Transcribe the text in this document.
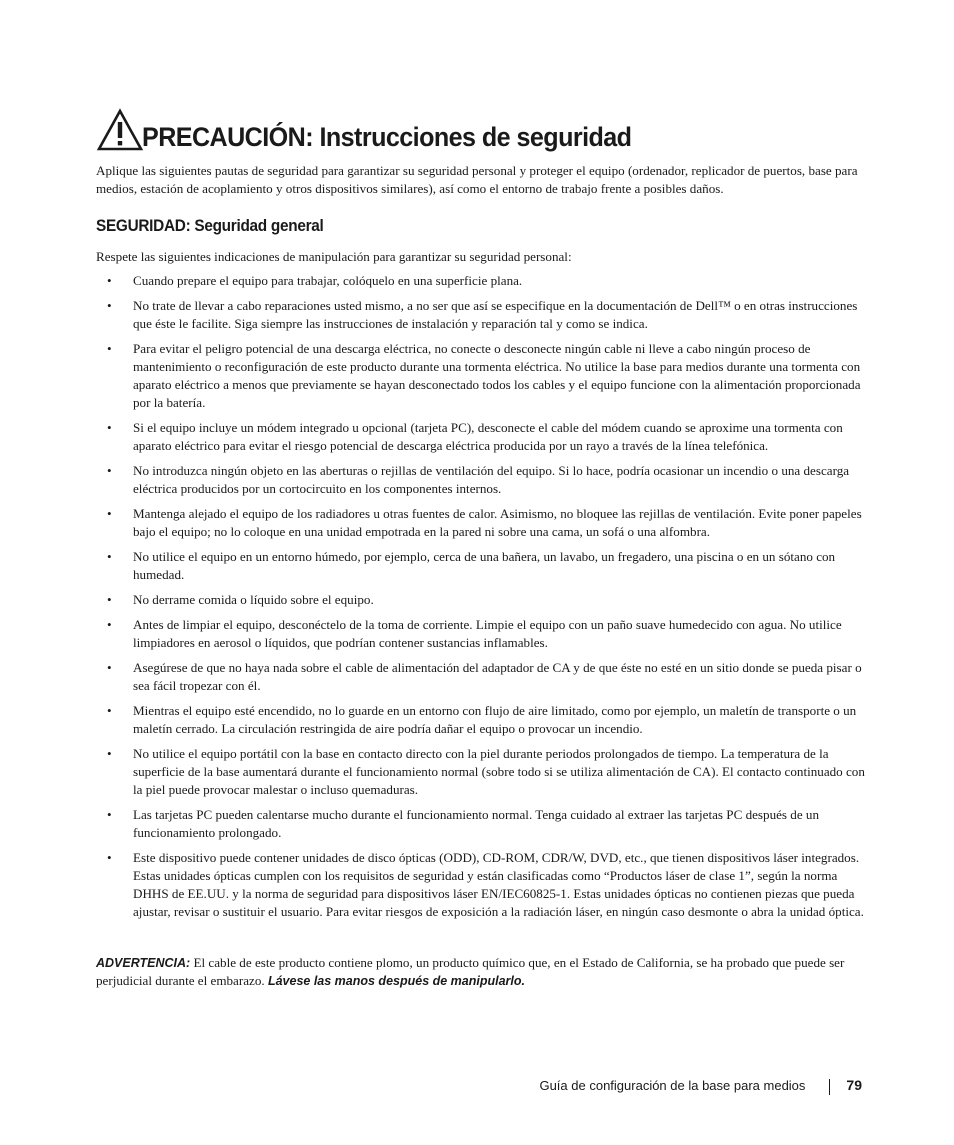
PRECAUCIÓN: Instrucciones de seguridad

Aplique las siguientes pautas de seguridad para garantizar su seguridad personal y proteger el equipo (ordenador, replicador de puertos, base para medios, estación de acoplamiento y otros dispositivos similares), así como el entorno de trabajo frente a posibles daños.

SEGURIDAD: Seguridad general

Respete las siguientes indicaciones de manipulación para garantizar su seguridad personal:

• Cuando prepare el equipo para trabajar, colóquelo en una superficie plana.
• No trate de llevar a cabo reparaciones usted mismo, a no ser que así se especifique en la documentación de Dell™ o en otras instrucciones que éste le facilite. Siga siempre las instrucciones de instalación y reparación tal y como se indica.
• Para evitar el peligro potencial de una descarga eléctrica, no conecte o desconecte ningún cable ni lleve a cabo ningún proceso de mantenimiento o reconfiguración de este producto durante una tormenta eléctrica. No utilice la base para medios durante una tormenta con aparato eléctrico a menos que previamente se hayan desconectado todos los cables y el equipo funcione con la alimentación proporcionada por la batería.
• Si el equipo incluye un módem integrado u opcional (tarjeta PC), desconecte el cable del módem cuando se aproxime una tormenta con aparato eléctrico para evitar el riesgo potencial de descarga eléctrica producida por un rayo a través de la línea telefónica.
• No introduzca ningún objeto en las aberturas o rejillas de ventilación del equipo. Si lo hace, podría ocasionar un incendio o una descarga eléctrica producidos por un cortocircuito en los componentes internos.
• Mantenga alejado el equipo de los radiadores u otras fuentes de calor. Asimismo, no bloquee las rejillas de ventilación. Evite poner papeles bajo el equipo; no lo coloque en una unidad empotrada en la pared ni sobre una cama, un sofá o una alfombra.
• No utilice el equipo en un entorno húmedo, por ejemplo, cerca de una bañera, un lavabo, un fregadero, una piscina o en un sótano con humedad.
• No derrame comida o líquido sobre el equipo.
• Antes de limpiar el equipo, desconéctelo de la toma de corriente. Limpie el equipo con un paño suave humedecido con agua. No utilice limpiadores en aerosol o líquidos, que podrían contener sustancias inflamables.
• Asegúrese de que no haya nada sobre el cable de alimentación del adaptador de CA y de que éste no esté en un sitio donde se pueda pisar o sea fácil tropezar con él.
• Mientras el equipo esté encendido, no lo guarde en un entorno con flujo de aire limitado, como por ejemplo, un maletín de transporte o un maletín cerrado. La circulación restringida de aire podría dañar el equipo o provocar un incendio.
• No utilice el equipo portátil con la base en contacto directo con la piel durante periodos prolongados de tiempo. La temperatura de la superficie de la base aumentará durante el funcionamiento normal (sobre todo si se utiliza alimentación de CA). El contacto continuado con la piel puede provocar malestar o incluso quemaduras.
• Las tarjetas PC pueden calentarse mucho durante el funcionamiento normal. Tenga cuidado al extraer las tarjetas PC después de un funcionamiento prolongado.
• Este dispositivo puede contener unidades de disco ópticas (ODD), CD-ROM, CDR/W, DVD, etc., que tienen dispositivos láser integrados. Estas unidades ópticas cumplen con los requisitos de seguridad y están clasificadas como “Productos láser de clase 1”, según la norma DHHS de EE.UU. y la norma de seguridad para dispositivos láser EN/IEC60825-1. Estas unidades ópticas no contienen piezas que pueda ajustar, revisar o sustituir el usuario. Para evitar riesgos de exposición a la radiación láser, en ningún caso desmonte o abra la unidad óptica.

ADVERTENCIA: El cable de este producto contiene plomo, un producto químico que, en el Estado de California, se ha probado que puede ser perjudicial durante el embarazo. Lávese las manos después de manipularlo.

Guía de configuración de la base para medios	79
